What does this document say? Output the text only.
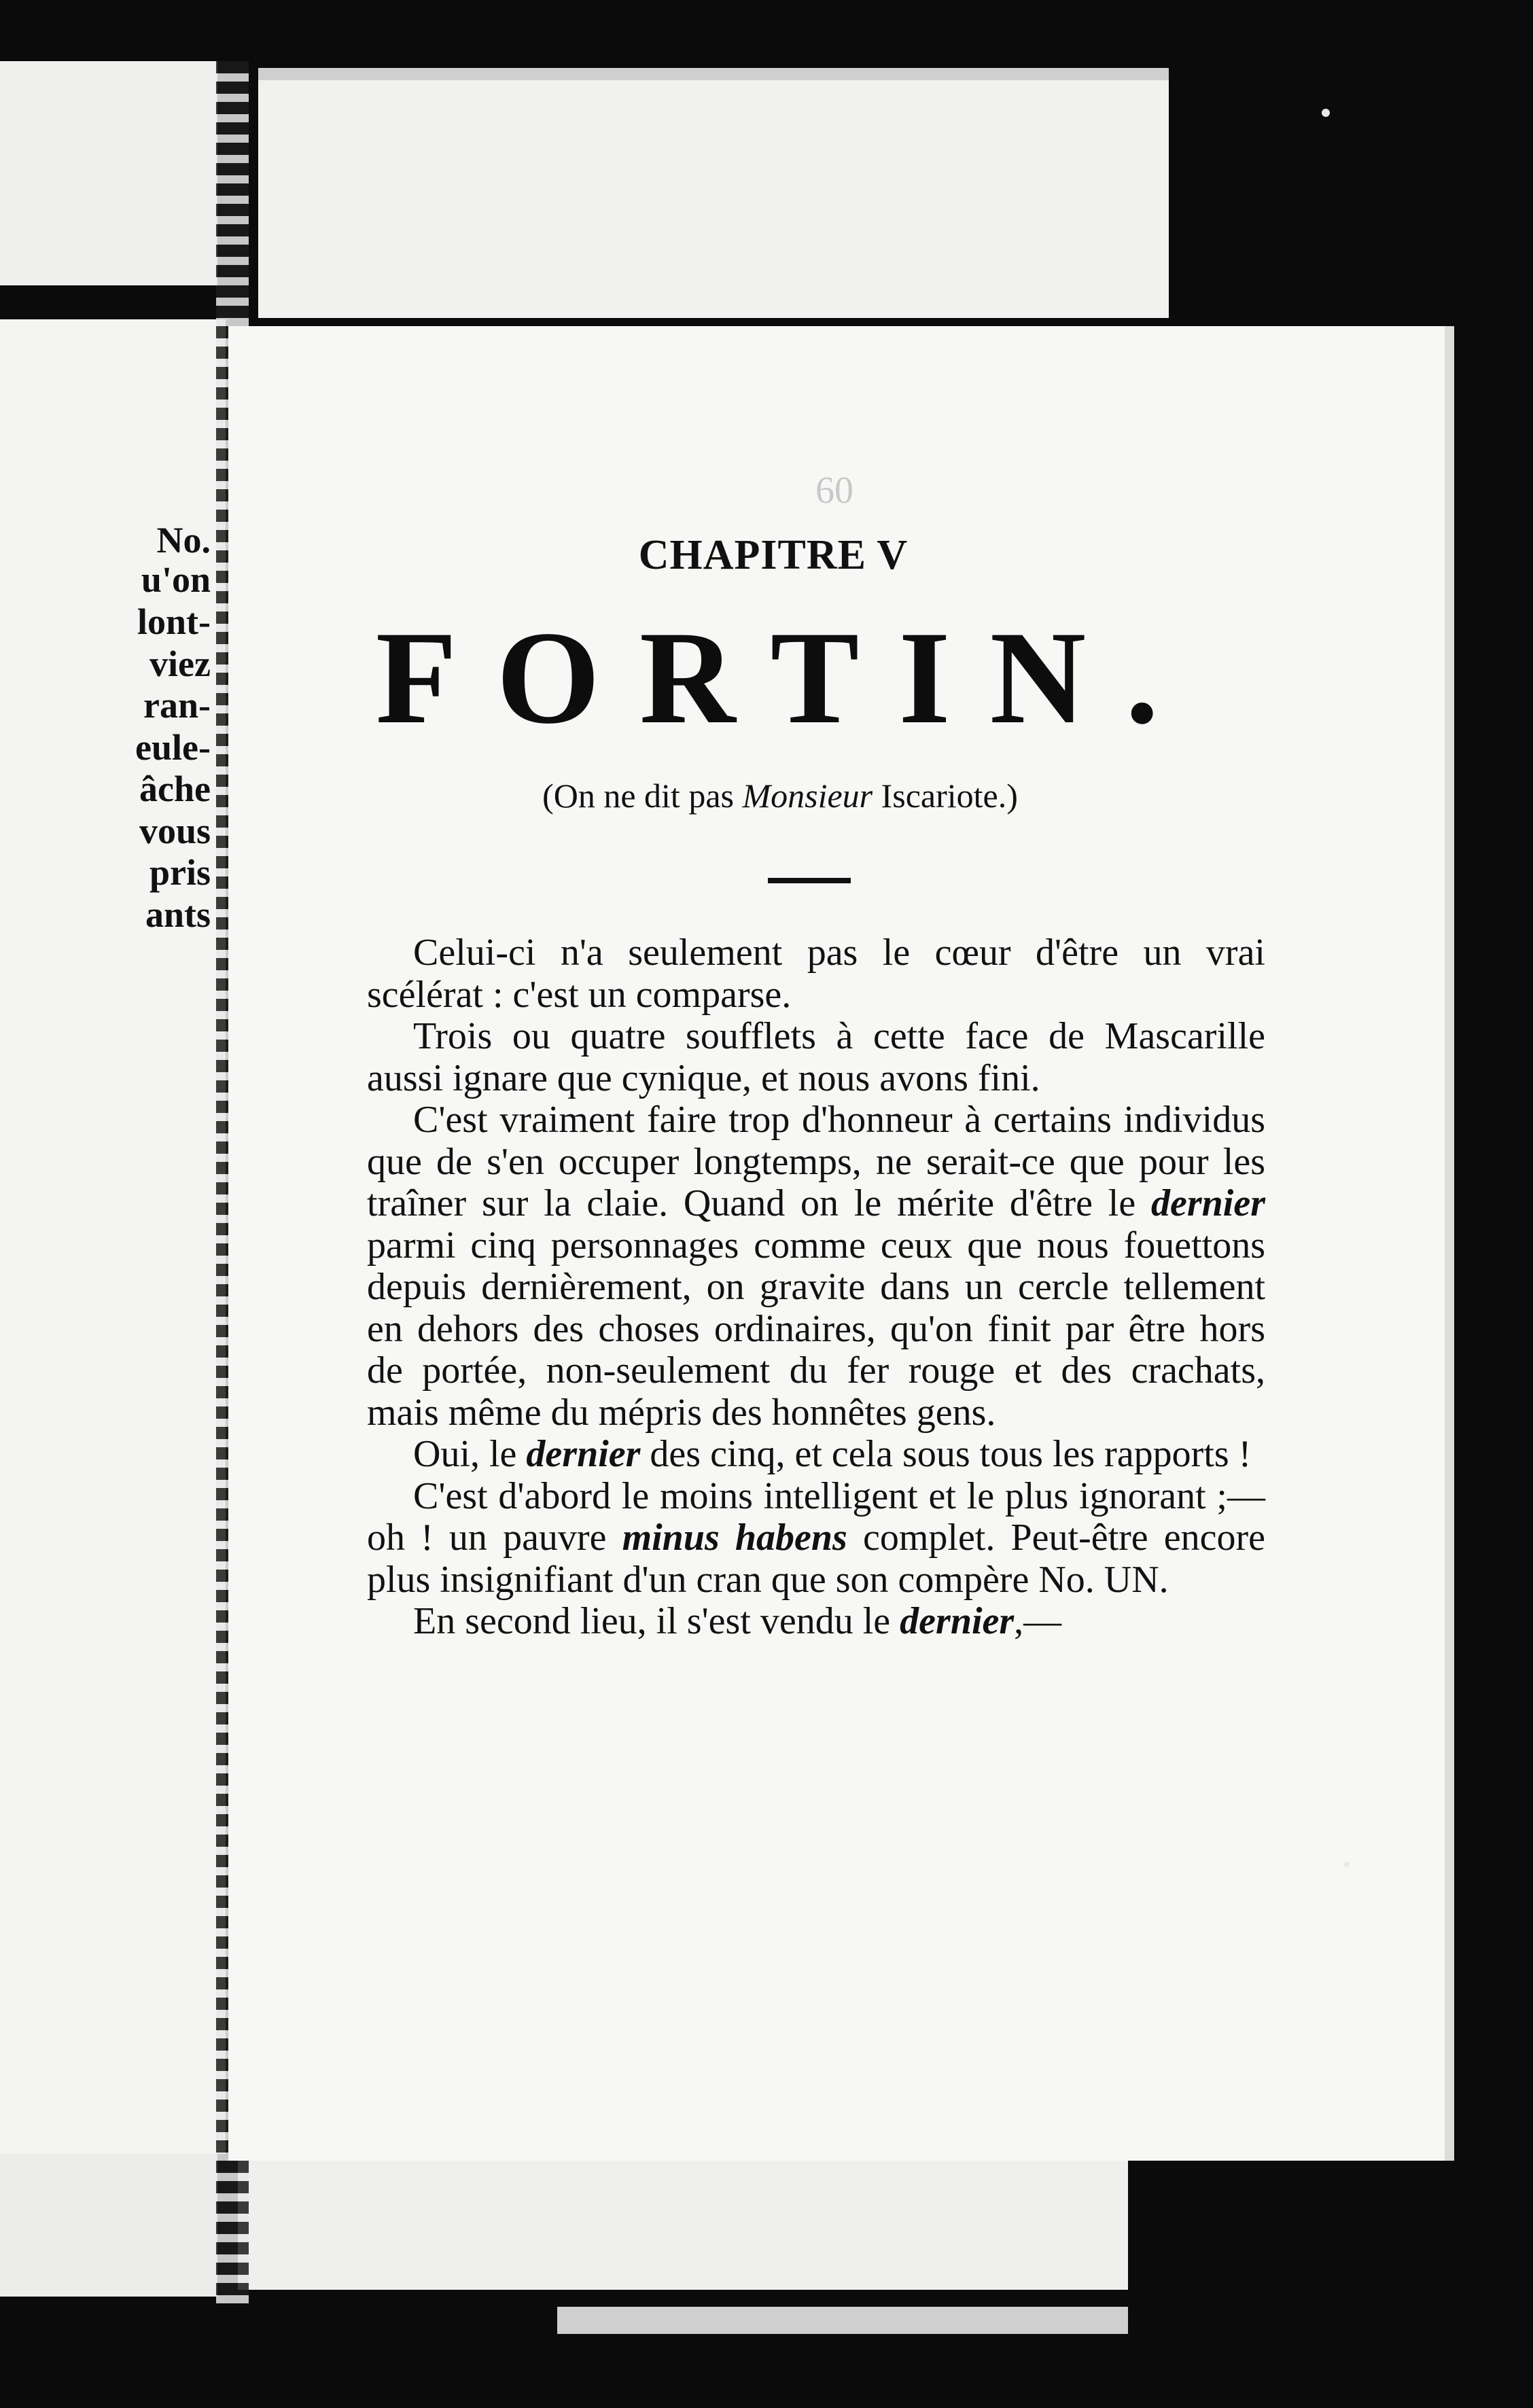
No.
u'on
lont-
viez
ran-
eule-
âche
vous
pris
ants
60
CHAPITRE V
FORTIN.
(On ne dit pas Monsieur Iscariote.)

Celui-ci n'a seulement pas le cœur d'être un vrai scélérat : c'est un comparse.

Trois ou quatre soufflets à cette face de Mascarille aussi ignare que cynique, et nous avons fini.

C'est vraiment faire trop d'honneur à certains individus que de s'en occuper longtemps, ne serait-ce que pour les traîner sur la claie. Quand on le mérite d'être le dernier parmi cinq personnages comme ceux que nous fouettons depuis dernièrement, on gravite dans un cercle tellement en dehors des choses ordinaires, qu'on finit par être hors de portée, non-seulement du fer rouge et des crachats, mais même du mépris des honnêtes gens.

Oui, le dernier des cinq, et cela sous tous les rapports !

C'est d'abord le moins intelligent et le plus ignorant ;—oh ! un pauvre minus habens complet. Peut-être encore plus insignifiant d'un cran que son compère No. UN.

En second lieu, il s'est vendu le dernier,—
